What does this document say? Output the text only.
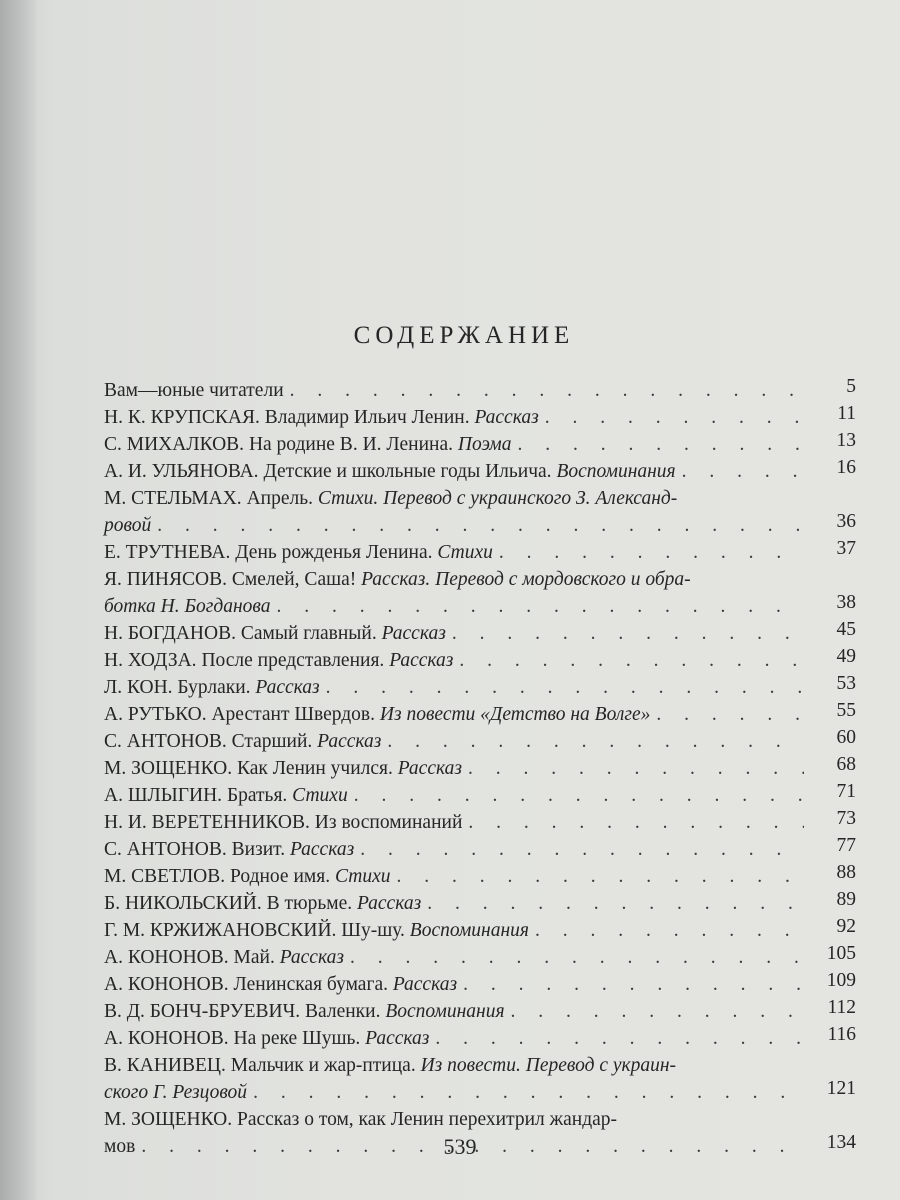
СОДЕРЖАНИЕ
Вам—юные читатели . . .	5
Н. К. КРУПСКАЯ. Владимир Ильич Ленин. Рассказ . . .	11
С. МИХАЛКОВ. На родине В. И. Ленина. Поэма . . .	13
А. И. УЛЬЯНОВА. Детские и школьные годы Ильича. Воспоминания . . .	16
М. СТЕЛЬМАХ. Апрель. Стихи. Перевод с украинского З. Александ-
ровой . . .	36
Е. ТРУТНЕВА. День рожденья Ленина. Стихи . . .	37
Я. ПИНЯСОВ. Смелей, Саша! Рассказ. Перевод с мордовского и обра-
ботка Н. Богданова . . .	38
Н. БОГДАНОВ. Самый главный. Рассказ . . .	45
Н. ХОДЗА. После представления. Рассказ . . .	49
Л. КОН. Бурлаки. Рассказ . . .	53
А. РУТЬКО. Арестант Швердов. Из повести «Детство на Волге» . . .	55
С. АНТОНОВ. Старший. Рассказ . . .	60
М. ЗОЩЕНКО. Как Ленин учился. Рассказ . . .	68
А. ШЛЫГИН. Братья. Стихи . . .	71
Н. И. ВЕРЕТЕННИКОВ. Из воспоминаний . . .	73
С. АНТОНОВ. Визит. Рассказ . . .	77
М. СВЕТЛОВ. Родное имя. Стихи . . .	88
Б. НИКОЛЬСКИЙ. В тюрьме. Рассказ . . .	89
Г. М. КРЖИЖАНОВСКИЙ. Шу-шу. Воспоминания . . .	92
А. КОНОНОВ. Май. Рассказ . . .	105
А. КОНОНОВ. Ленинская бумага. Рассказ . . .	109
В. Д. БОНЧ-БРУЕВИЧ. Валенки. Воспоминания . . .	112
А. КОНОНОВ. На реке Шушь. Рассказ . . .	116
В. КАНИВЕЦ. Мальчик и жар-птица. Из повести. Перевод с украин-
ского Г. Резцовой . . .	121
М. ЗОЩЕНКО. Рассказ о том, как Ленин перехитрил жандар-
мов . . .	134
539
